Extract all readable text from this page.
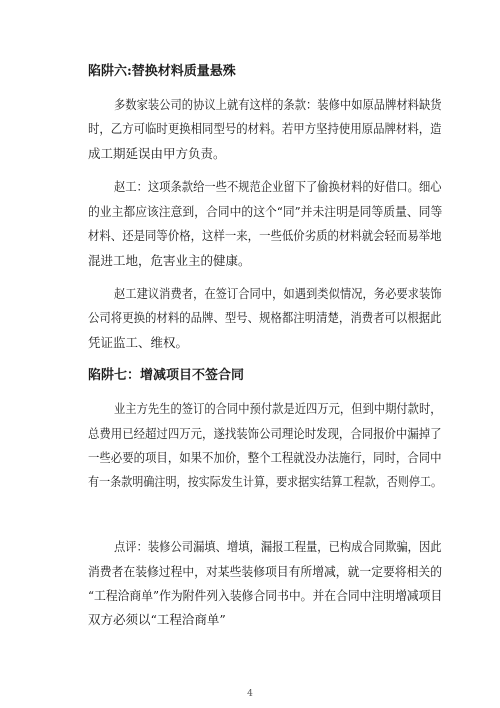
陷阱六:替换材料质量悬殊
多数家装公司的协议上就有这样的条款：装修中如原品牌材料缺货
时，乙方可临时更换相同型号的材料。若甲方坚持使用原品牌材料，造
成工期延误由甲方负责。
赵工：这项条款给一些不规范企业留下了偷换材料的好借口。细心
的业主都应该注意到，合同中的这个“同”并未注明是同等质量、同等
材料、还是同等价格，这样一来，一些低价劣质的材料就会轻而易举地
混进工地，危害业主的健康。
赵工建议消费者，在签订合同中，如遇到类似情况，务必要求装饰
公司将更换的材料的品牌、型号、规格都注明清楚，消费者可以根据此
凭证监工、维权。
陷阱七：增减项目不签合同
业主方先生的签订的合同中预付款是近四万元，但到中期付款时，
总费用已经超过四万元，遂找装饰公司理论时发现，合同报价中漏掉了
一些必要的项目，如果不加价，整个工程就没办法施行，同时，合同中
有一条款明确注明，按实际发生计算，要求据实结算工程款，否则停工。
点评：装修公司漏填、增填，漏报工程量，已构成合同欺骗，因此
消费者在装修过程中，对某些装修项目有所增减，就一定要将相关的
“工程洽商单”作为附件列入装修合同书中。并在合同中注明增减项目
双方必须以“工程洽商单”
4
